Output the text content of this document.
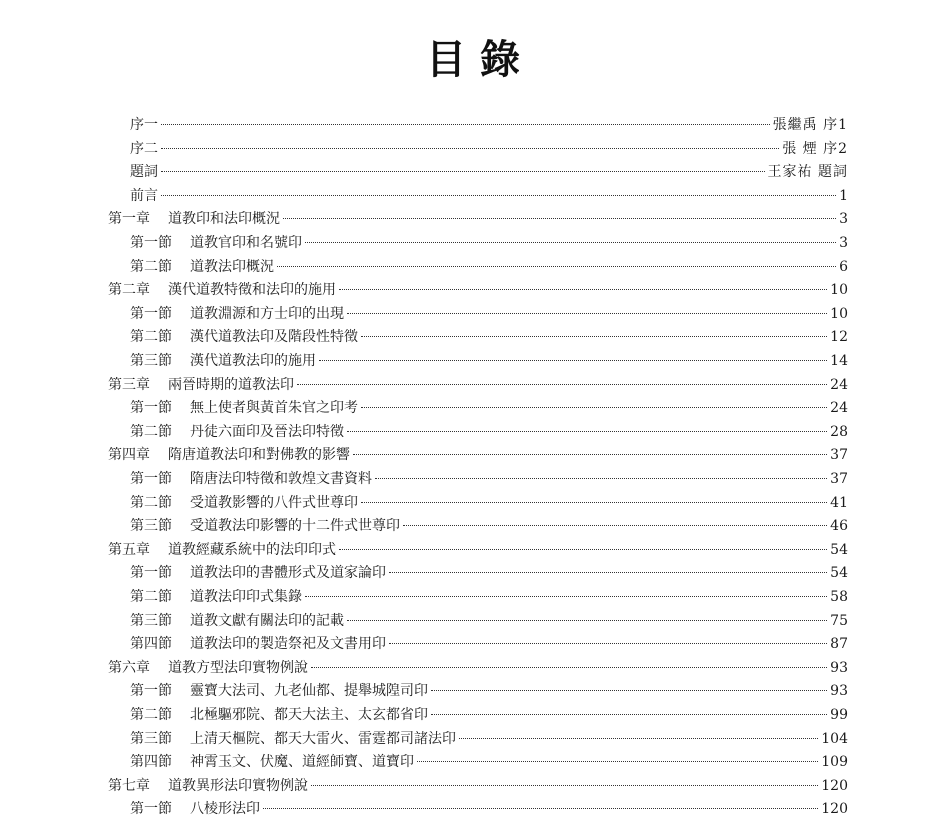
目錄
序一	張繼禹 序1
序二	張 煙 序2
題詞	王家祐 題詞
前言	1
第一章 道教印和法印概況	3
第一節 道教官印和名號印	3
第二節 道教法印概況	6
第二章 漢代道教特徵和法印的施用	10
第一節 道教淵源和方士印的出現	10
第二節 漢代道教法印及階段性特徵	12
第三節 漢代道教法印的施用	14
第三章 兩晉時期的道教法印	24
第一節 無上使者與黃首朱官之印考	24
第二節 丹徒六面印及晉法印特徵	28
第四章 隋唐道教法印和對佛教的影響	37
第一節 隋唐法印特徵和敦煌文書資料	37
第二節 受道教影響的八件式世尊印	41
第三節 受道教法印影響的十二件式世尊印	46
第五章 道教經藏系統中的法印印式	54
第一節 道教法印的書體形式及道家論印	54
第二節 道教法印印式集錄	58
第三節 道教文獻有關法印的記載	75
第四節 道教法印的製造祭祀及文書用印	87
第六章 道教方型法印實物例說	93
第一節 靈寶大法司、九老仙都、提舉城隍司印	93
第二節 北極驅邪院、都天大法主、太玄都省印	99
第三節 上清天樞院、都天大雷火、雷霆都司諸法印	104
第四節 神霄玉文、伏魔、道經師寶、道寶印	109
第七章 道教異形法印實物例說	120
第一節 八棱形法印	120
